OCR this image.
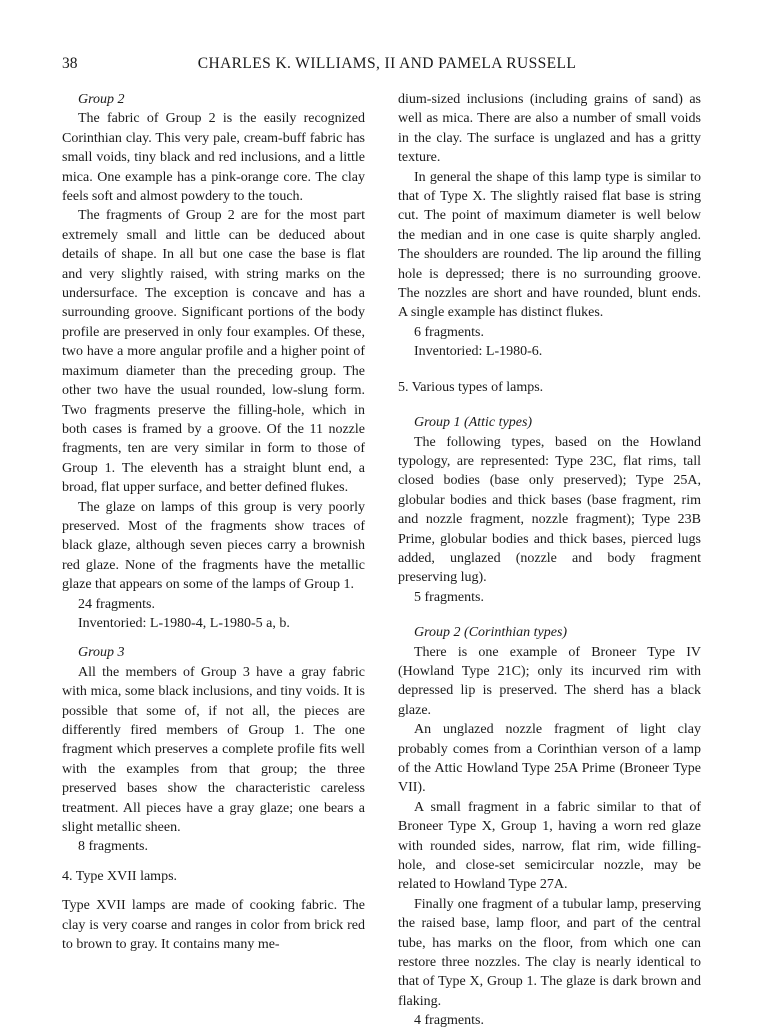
38	CHARLES K. WILLIAMS, II AND PAMELA RUSSELL

Group 2

The fabric of Group 2 is the easily recognized Corinthian clay. This very pale, cream-buff fabric has small voids, tiny black and red inclusions, and a little mica. One example has a pink-orange core. The clay feels soft and almost powdery to the touch.

The fragments of Group 2 are for the most part extremely small and little can be deduced about details of shape. In all but one case the base is flat and very slightly raised, with string marks on the undersurface. The exception is concave and has a surrounding groove. Significant portions of the body profile are preserved in only four examples. Of these, two have a more angular profile and a higher point of maximum diameter than the preceding group. The other two have the usual rounded, low-slung form. Two fragments preserve the filling-hole, which in both cases is framed by a groove. Of the 11 nozzle fragments, ten are very similar in form to those of Group 1. The eleventh has a straight blunt end, a broad, flat upper surface, and better defined flukes.

The glaze on lamps of this group is very poorly preserved. Most of the fragments show traces of black glaze, although seven pieces carry a brownish red glaze. None of the fragments have the metallic glaze that appears on some of the lamps of Group 1.

24 fragments.

Inventoried: L-1980-4, L-1980-5 a, b.

Group 3

All the members of Group 3 have a gray fabric with mica, some black inclusions, and tiny voids. It is possible that some of, if not all, the pieces are differently fired members of Group 1. The one fragment which preserves a complete profile fits well with the examples from that group; the three preserved bases show the characteristic careless treatment. All pieces have a gray glaze; one bears a slight metallic sheen.

8 fragments.

4. Type XVII lamps.

Type XVII lamps are made of cooking fabric. The clay is very coarse and ranges in color from brick red to brown to gray. It contains many me-

dium-sized inclusions (including grains of sand) as well as mica. There are also a number of small voids in the clay. The surface is unglazed and has a gritty texture.

In general the shape of this lamp type is similar to that of Type X. The slightly raised flat base is string cut. The point of maximum diameter is well below the median and in one case is quite sharply angled. The shoulders are rounded. The lip around the filling hole is depressed; there is no surrounding groove. The nozzles are short and have rounded, blunt ends. A single example has distinct flukes.

6 fragments.

Inventoried: L-1980-6.

5. Various types of lamps.

Group 1 (Attic types)

The following types, based on the Howland typology, are represented: Type 23C, flat rims, tall closed bodies (base only preserved); Type 25A, globular bodies and thick bases (base fragment, rim and nozzle fragment, nozzle fragment); Type 23B Prime, globular bodies and thick bases, pierced lugs added, unglazed (nozzle and body fragment preserving lug).

5 fragments.

Group 2 (Corinthian types)

There is one example of Broneer Type IV (Howland Type 21C); only its incurved rim with depressed lip is preserved. The sherd has a black glaze.

An unglazed nozzle fragment of light clay probably comes from a Corinthian verson of a lamp of the Attic Howland Type 25A Prime (Broneer Type VII).

A small fragment in a fabric similar to that of Broneer Type X, Group 1, having a worn red glaze with rounded sides, narrow, flat rim, wide filling-hole, and close-set semicircular nozzle, may be related to Howland Type 27A.

Finally one fragment of a tubular lamp, preserving the raised base, lamp floor, and part of the central tube, has marks on the floor, from which one can restore three nozzles. The clay is nearly identical to that of Type X, Group 1. The glaze is dark brown and flaking.

4 fragments.
